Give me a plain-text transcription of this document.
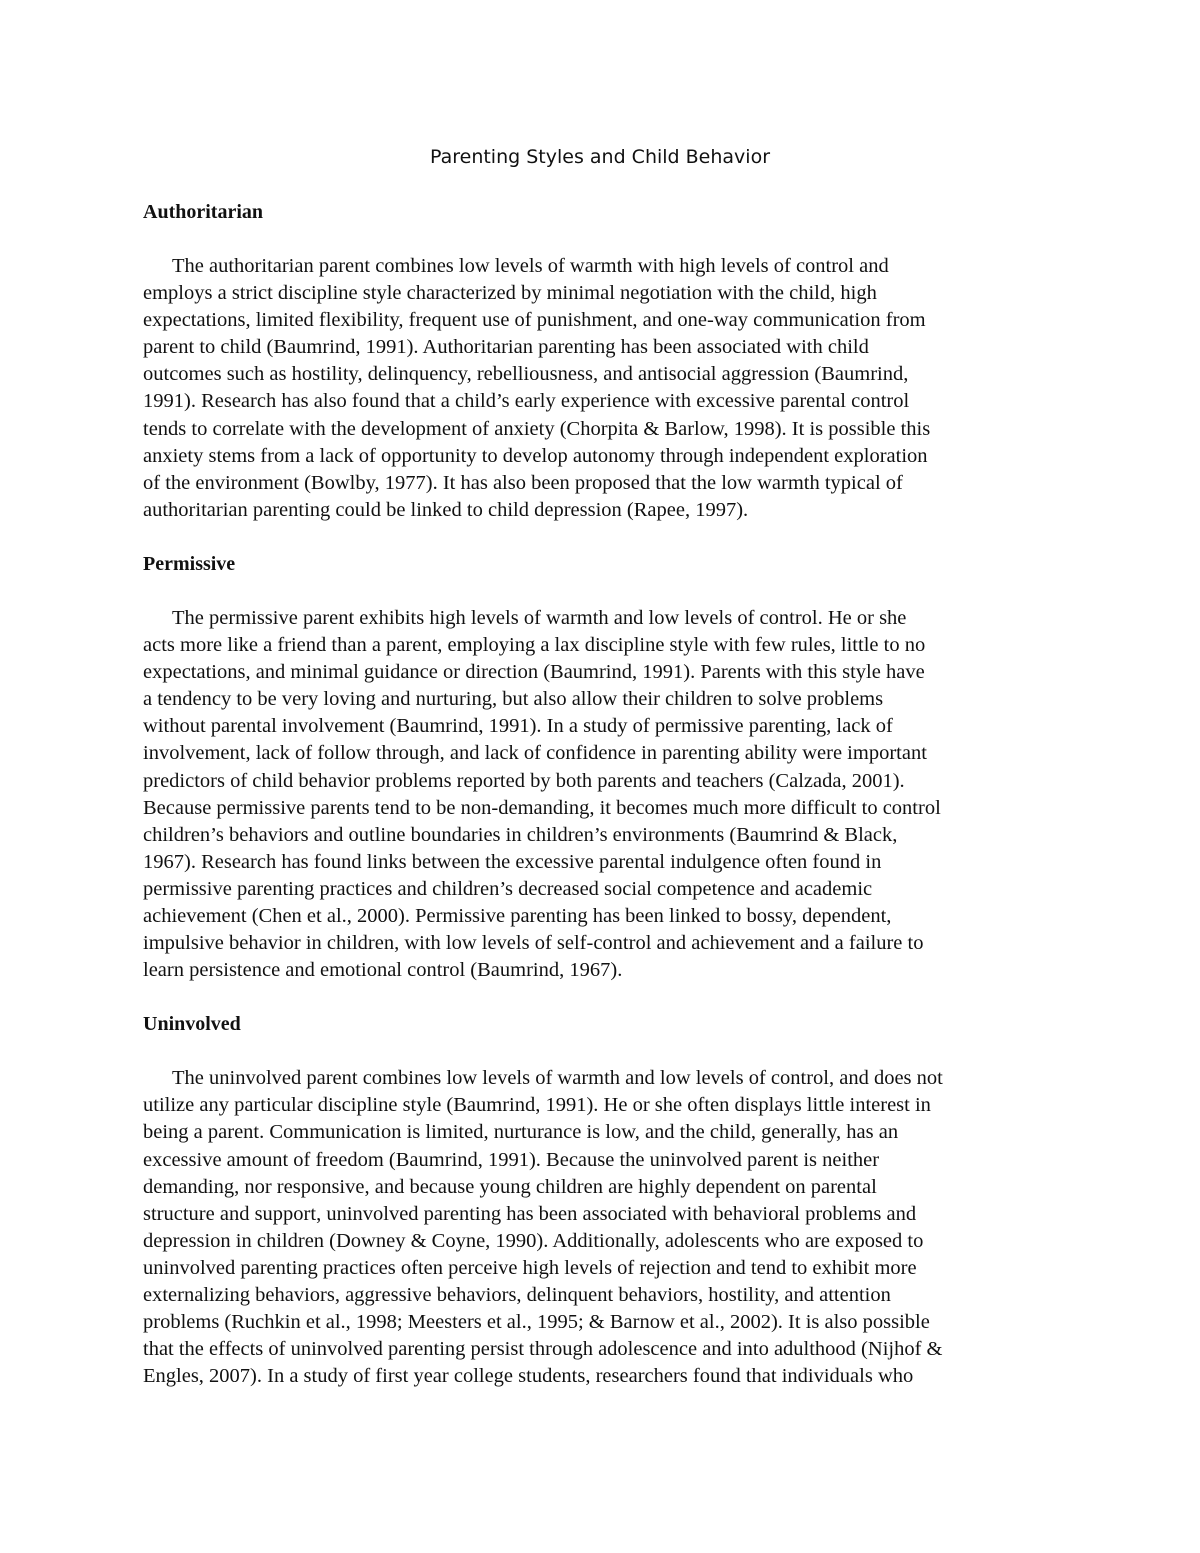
Parenting Styles and Child Behavior
Authoritarian

The authoritarian parent combines low levels of warmth with high levels of control and
employs a strict discipline style characterized by minimal negotiation with the child, high
expectations, limited flexibility, frequent use of punishment, and one-way communication from
parent to child (Baumrind, 1991). Authoritarian parenting has been associated with child
outcomes such as hostility, delinquency, rebelliousness, and antisocial aggression (Baumrind,
1991). Research has also found that a child’s early experience with excessive parental control
tends to correlate with the development of anxiety (Chorpita & Barlow, 1998). It is possible this
anxiety stems from a lack of opportunity to develop autonomy through independent exploration
of the environment (Bowlby, 1977). It has also been proposed that the low warmth typical of
authoritarian parenting could be linked to child depression (Rapee, 1997).

Permissive

The permissive parent exhibits high levels of warmth and low levels of control. He or she
acts more like a friend than a parent, employing a lax discipline style with few rules, little to no
expectations, and minimal guidance or direction (Baumrind, 1991). Parents with this style have
a tendency to be very loving and nurturing, but also allow their children to solve problems
without parental involvement (Baumrind, 1991). In a study of permissive parenting, lack of
involvement, lack of follow through, and lack of confidence in parenting ability were important
predictors of child behavior problems reported by both parents and teachers (Calzada, 2001).
Because permissive parents tend to be non-demanding, it becomes much more difficult to control
children’s behaviors and outline boundaries in children’s environments (Baumrind & Black,
1967). Research has found links between the excessive parental indulgence often found in
permissive parenting practices and children’s decreased social competence and academic
achievement (Chen et al., 2000). Permissive parenting has been linked to bossy, dependent,
impulsive behavior in children, with low levels of self-control and achievement and a failure to
learn persistence and emotional control (Baumrind, 1967).

Uninvolved

The uninvolved parent combines low levels of warmth and low levels of control, and does not
utilize any particular discipline style (Baumrind, 1991). He or she often displays little interest in
being a parent. Communication is limited, nurturance is low, and the child, generally, has an
excessive amount of freedom (Baumrind, 1991). Because the uninvolved parent is neither
demanding, nor responsive, and because young children are highly dependent on parental
structure and support, uninvolved parenting has been associated with behavioral problems and
depression in children (Downey & Coyne, 1990). Additionally, adolescents who are exposed to
uninvolved parenting practices often perceive high levels of rejection and tend to exhibit more
externalizing behaviors, aggressive behaviors, delinquent behaviors, hostility, and attention
problems (Ruchkin et al., 1998; Meesters et al., 1995; & Barnow et al., 2002). It is also possible
that the effects of uninvolved parenting persist through adolescence and into adulthood (Nijhof &
Engles, 2007). In a study of first year college students, researchers found that individuals who
